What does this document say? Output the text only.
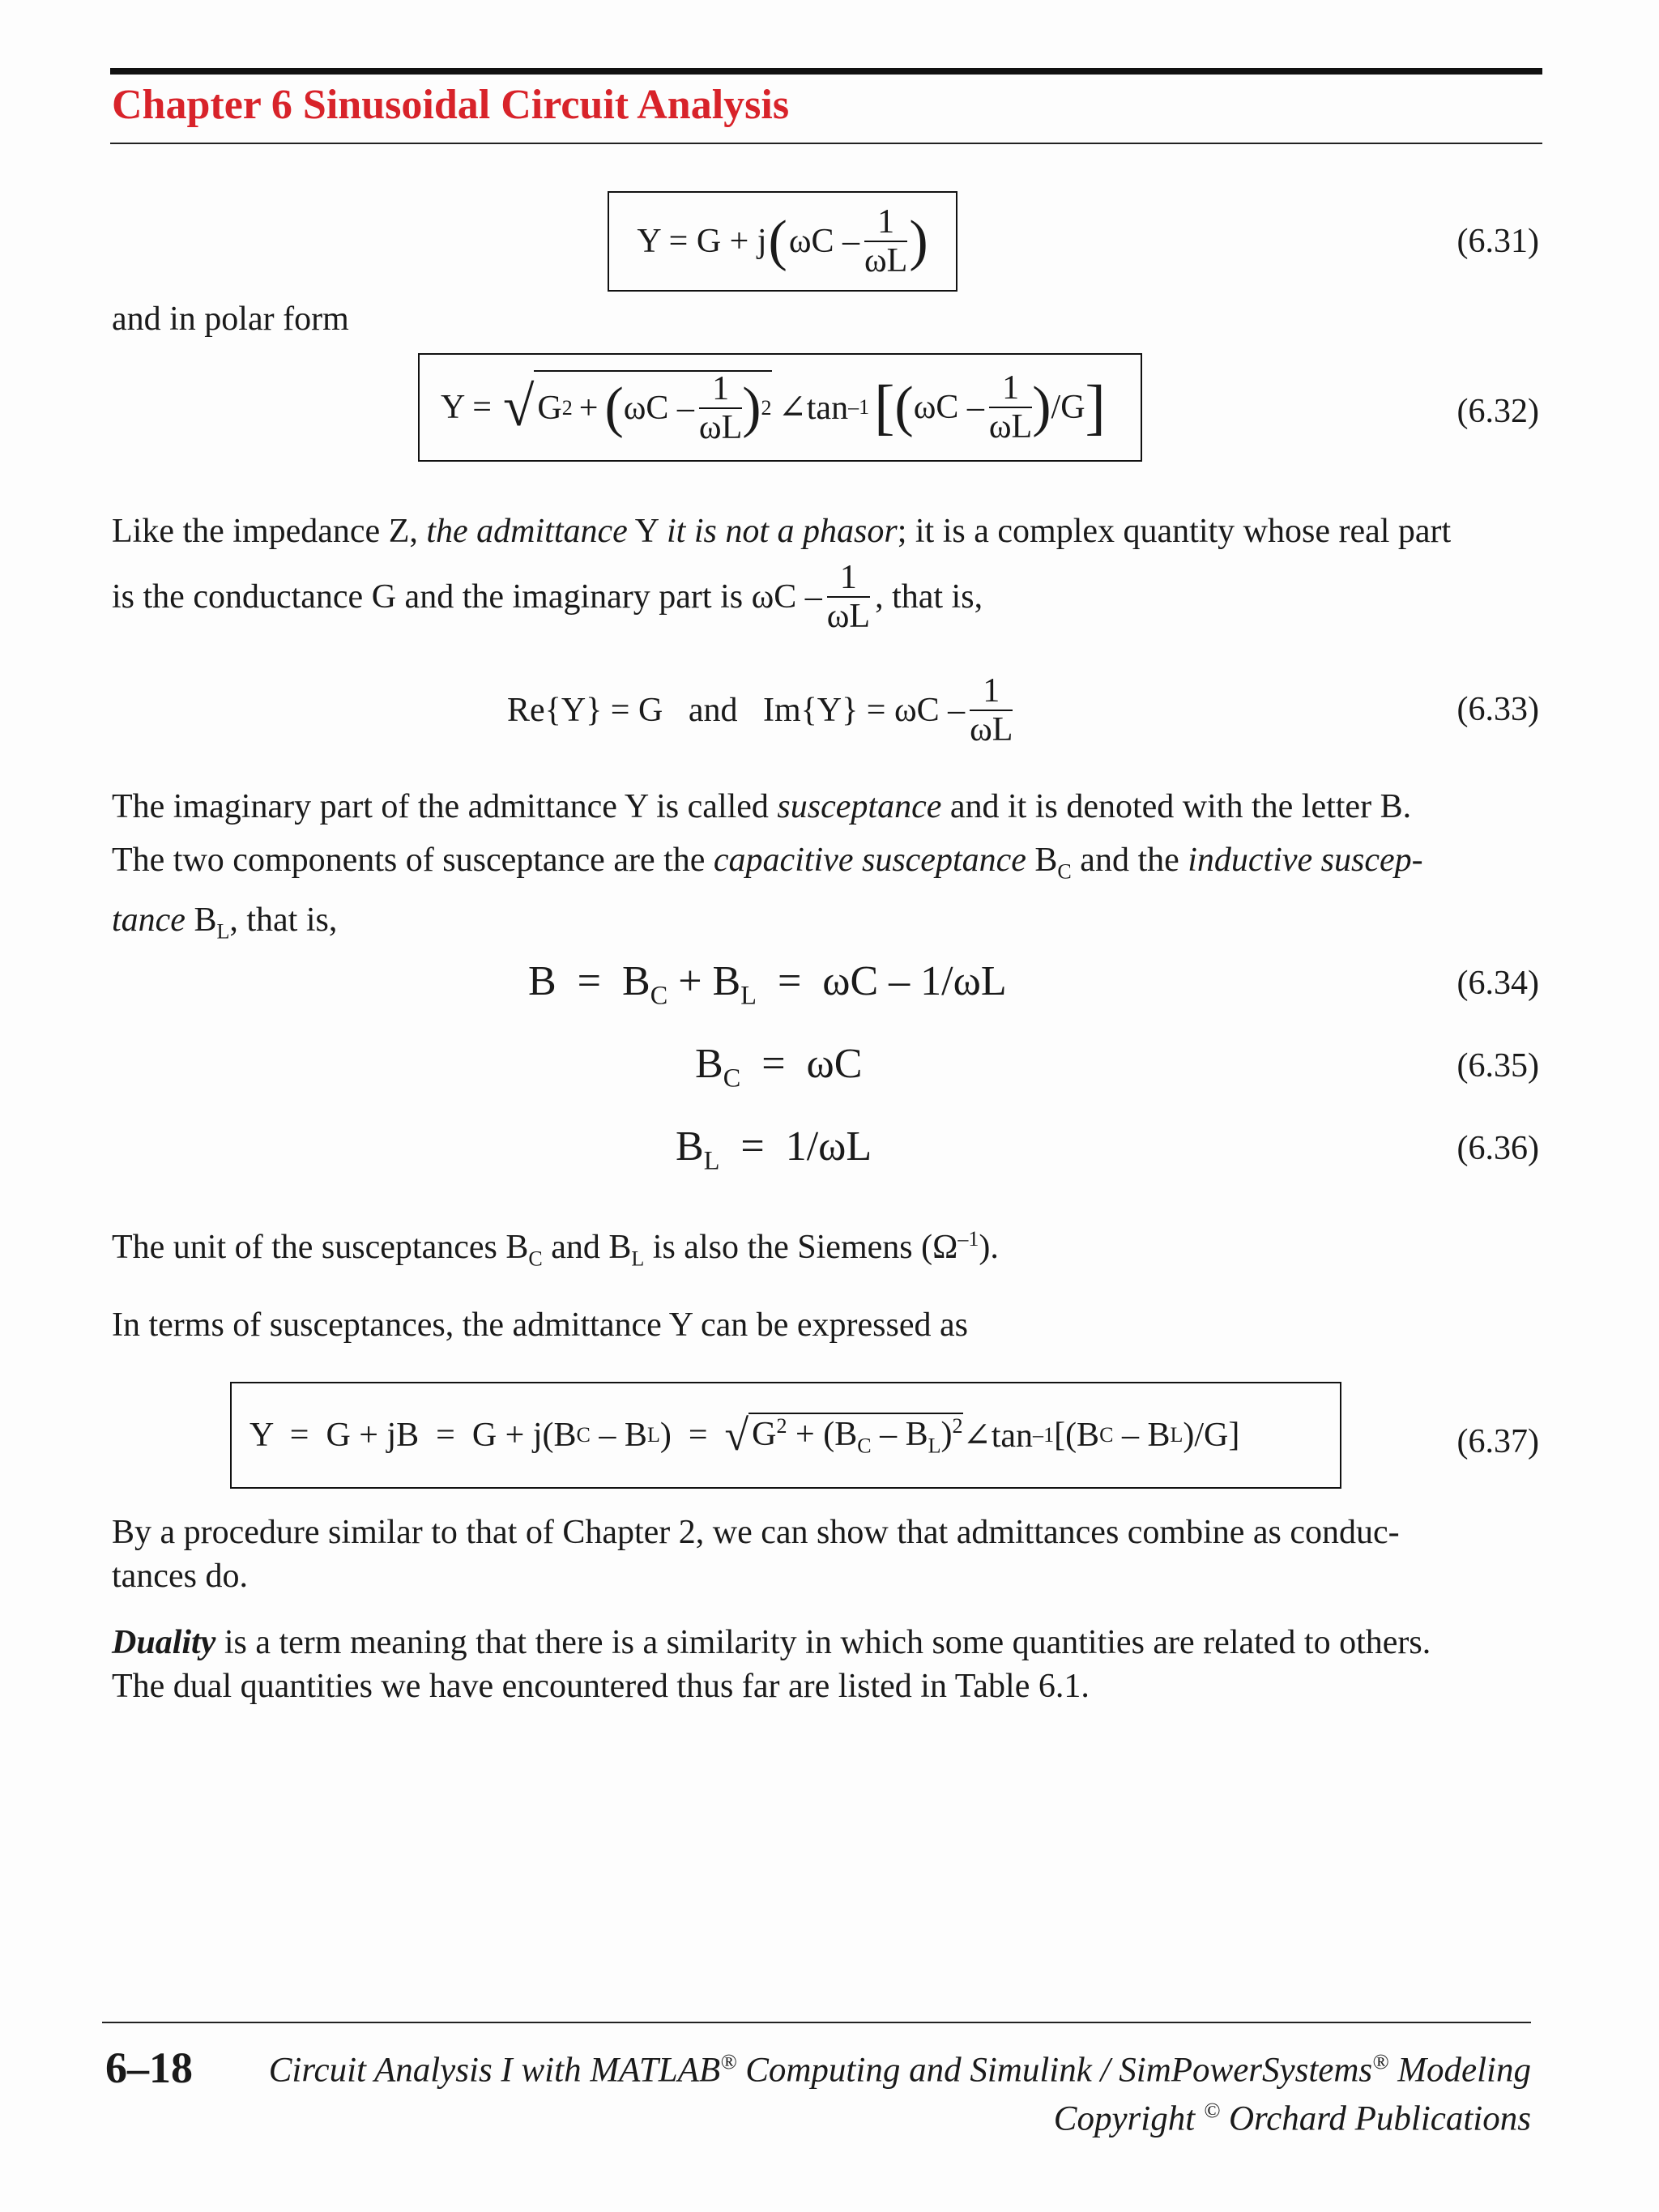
Chapter 6 Sinusoidal Circuit Analysis
Y = G + j ( ωC – $\frac{1}{\omega L}$ )	(6.31)
and in polar form
Y = √ G 2 + ( ωC – $\frac{1}{\omega L}$ ) 2 ∠tan –1 [ ( ωC – $\frac{1}{\omega L}$ ) /G ]	(6.32)
Like the impedance Z, the admittance Y it is not a phasor; it is a complex quantity whose real part
is the conductance G and the imaginary part is ωC – $\frac{1}{\omega L}$ , that is,
Re{Y} = G   and   $Im\{Y\} = \omega C - \frac{1}{\omega L}$	(6.33)
The imaginary part of the admittance Y is called susceptance and it is denoted with the letter B.
The two components of susceptance are the capacitive susceptance $B_C$ and the inductive suscep-
tance $B_L$, that is,
$B = B_C + B_L = \omega C - 1/\omega L$	(6.34)
$B_C = \omega C$	(6.35)
$B_L = 1/\omega L$	(6.36)
The unit of the susceptances $B_C$ and $B_L$ is also the Siemens $(\Omega^{-1})$.
In terms of susceptances, the admittance Y can be expressed as
Y  =  G + jB  =  G + j(B C – B L )  = √ $G^2 + (B_C - B_L)^2$ ∠tan –1 [(B C – B L )/G]	(6.37)
By a procedure similar to that of Chapter 2, we can show that admittances combine as conduc-
tances do.
Duality is a term meaning that there is a similarity in which some quantities are related to others.
The dual quantities we have encountered thus far are listed in Table 6.1.
6–18 Circuit Analysis I with MATLAB® Computing and Simulink / SimPowerSystems® Modeling
Copyright © Orchard Publications
